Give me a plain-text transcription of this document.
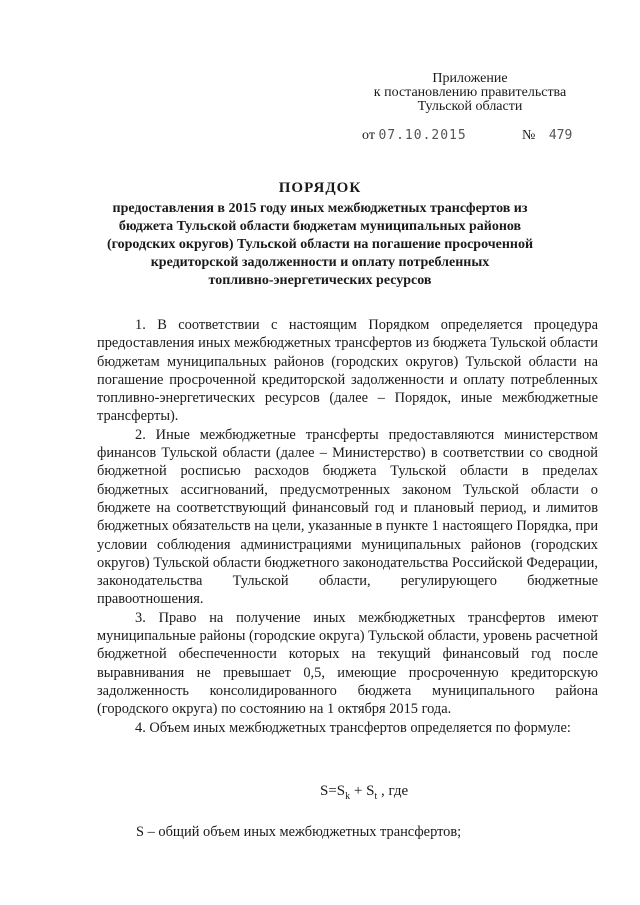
Приложение
к постановлению правительства
Тульской области
от 07.10.2015	№ 479
ПОРЯДОК
предоставления в 2015 году иных межбюджетных трансфертов из
бюджета Тульской области бюджетам муниципальных районов
(городских округов) Тульской области на погашение просроченной
кредиторской задолженности и оплату потребленных
топливно-энергетических ресурсов

1. В соответствии с настоящим Порядком определяется процедура предоставления иных межбюджетных трансфертов из бюджета Тульской области бюджетам муниципальных районов (городских округов) Тульской области на погашение просроченной кредиторской задолженности и оплату потребленных топливно-энергетических ресурсов (далее – Порядок, иные межбюджетные трансферты).

2. Иные межбюджетные трансферты предоставляются министерством финансов Тульской области (далее – Министерство) в соответствии со сводной бюджетной росписью расходов бюджета Тульской области в пределах бюджетных ассигнований, предусмотренных законом Тульской области о бюджете на соответствующий финансовый год и плановый период, и лимитов бюджетных обязательств на цели, указанные в пункте 1 настоящего Порядка, при условии соблюдения администрациями муниципальных районов (городских округов) Тульской области бюджетного законодательства Российской Федерации, законодательства Тульской области, регулирующего бюджетные правоотношения.

3. Право на получение иных межбюджетных трансфертов имеют муниципальные районы (городские округа) Тульской области, уровень расчетной бюджетной обеспеченности которых на текущий финансовый год после выравнивания не превышает 0,5, имеющие просроченную кредиторскую задолженность консолидированного бюджета муниципального района (городского округа) по состоянию на 1 октября 2015 года.

4. Объем иных межбюджетных трансфертов определяется по формуле:

$S=S_k + S_t$ , где
S – общий объем иных межбюджетных трансфертов;
